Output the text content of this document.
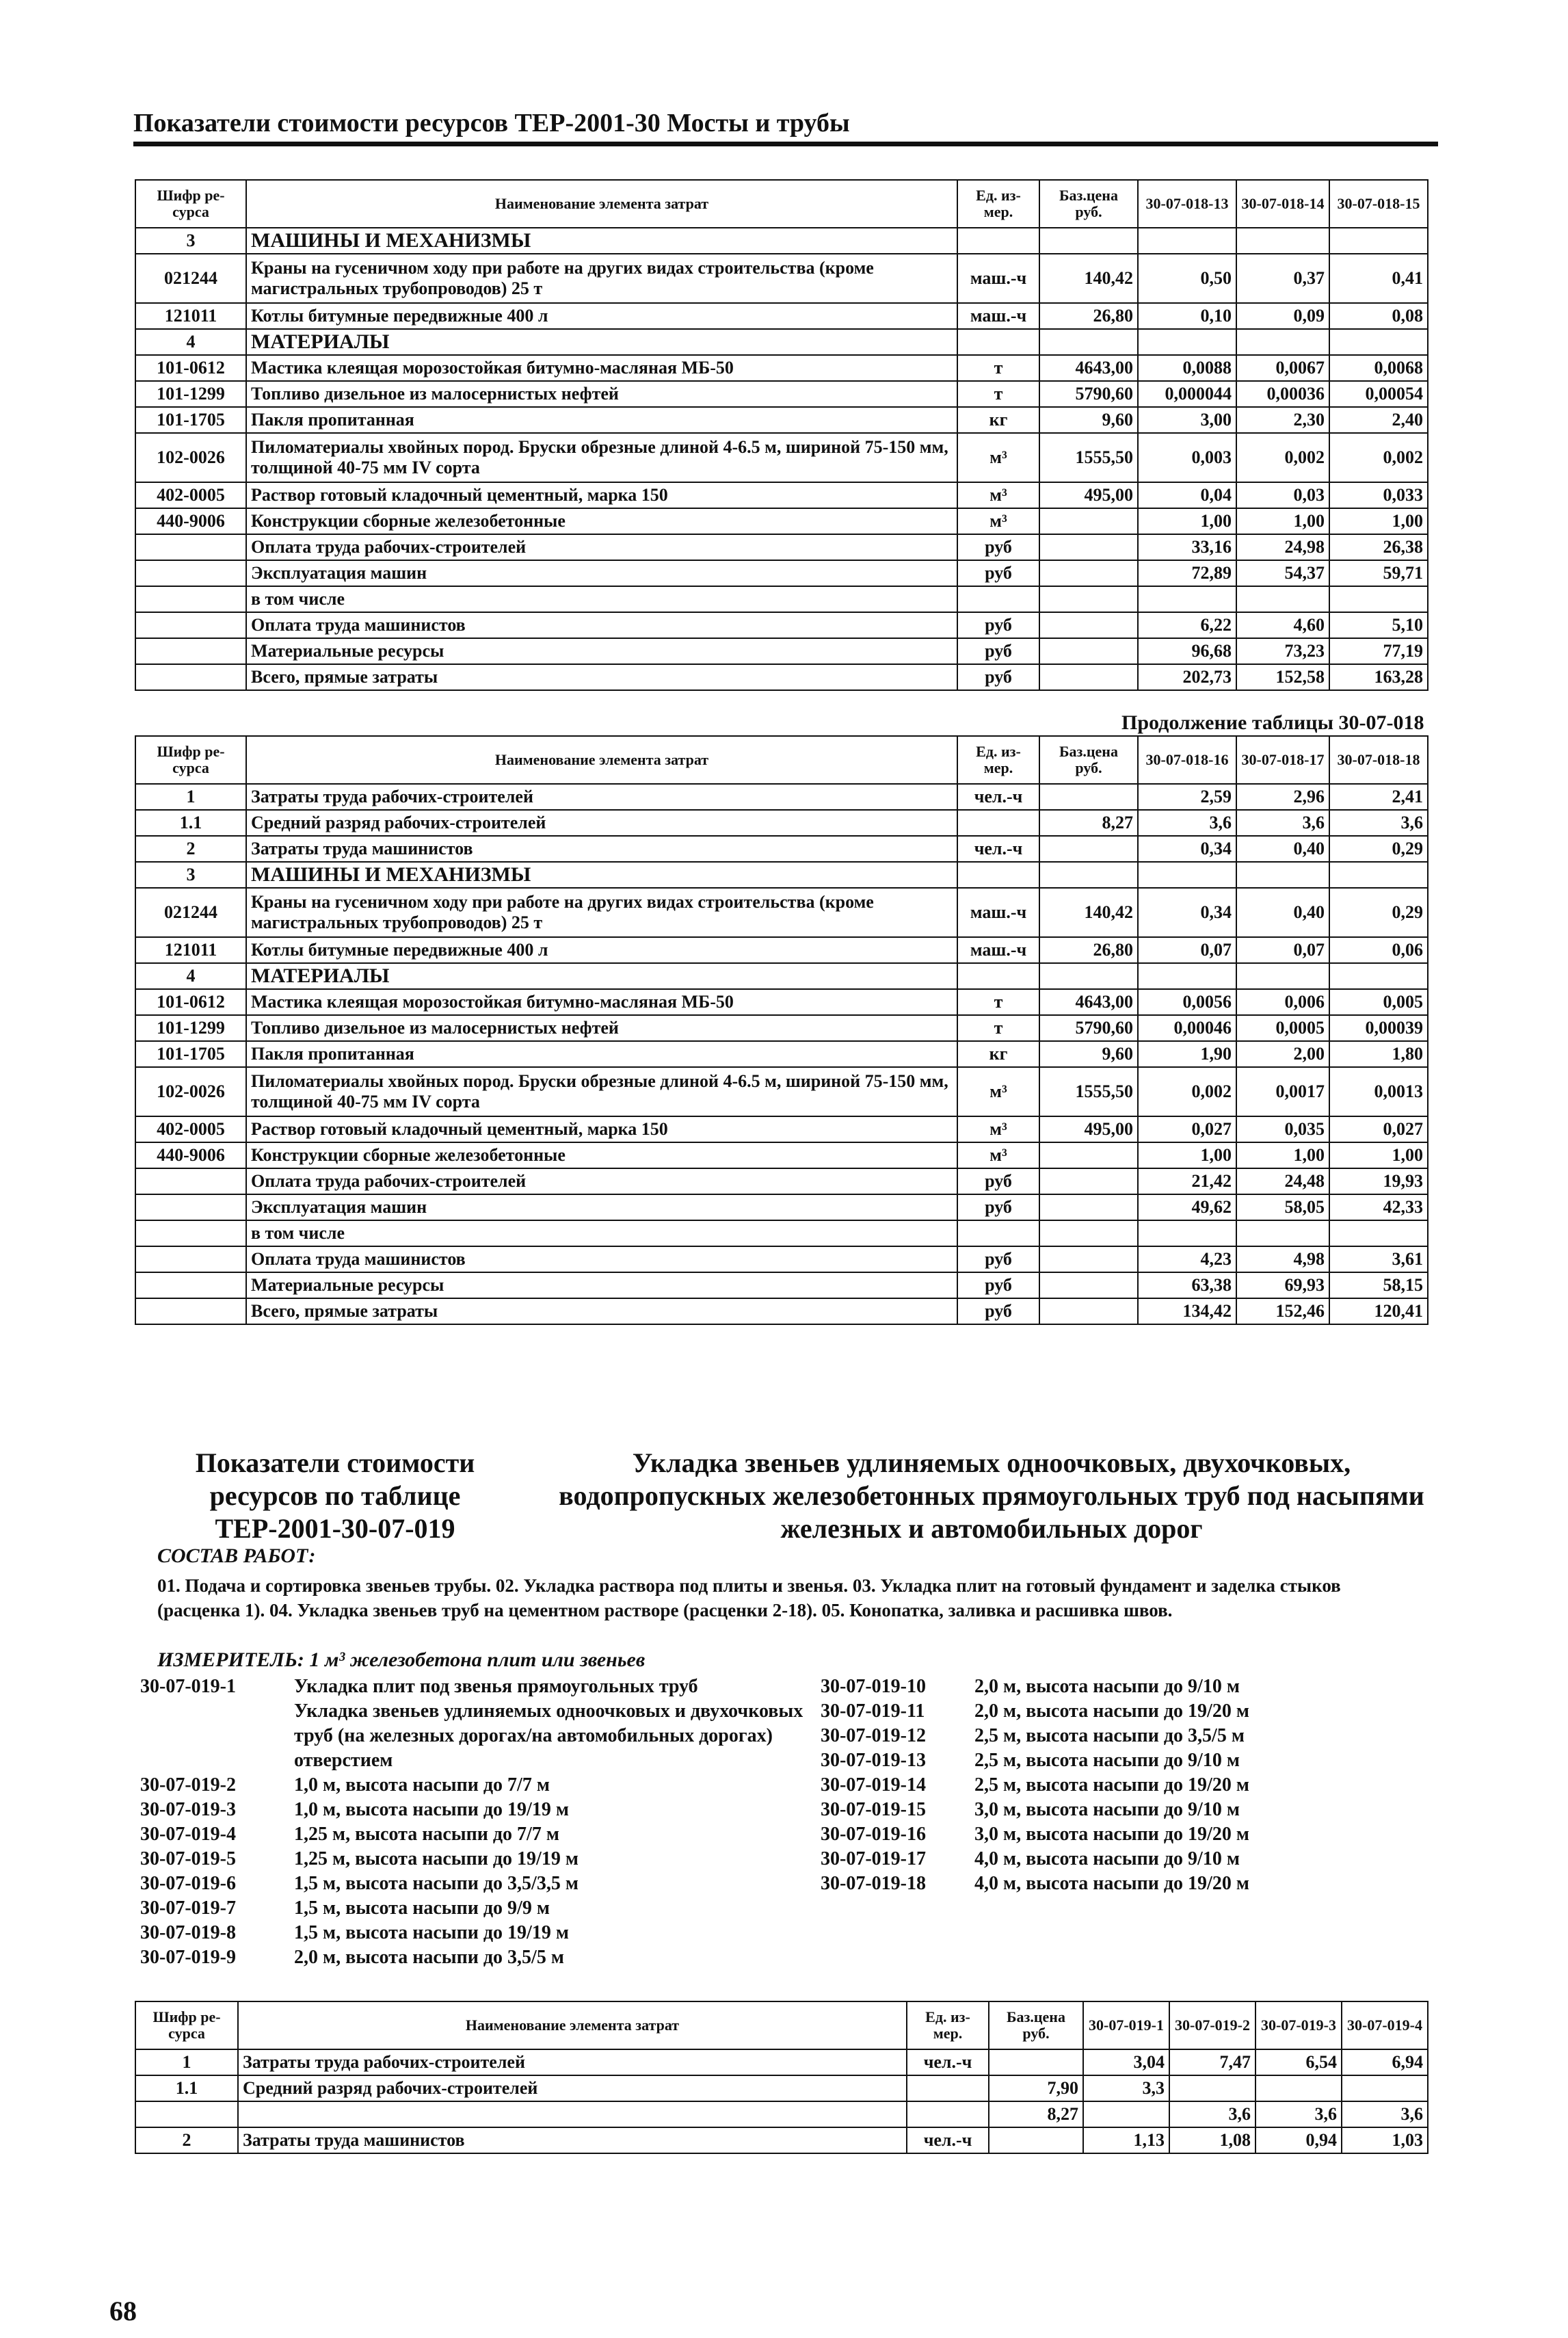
Показатели стоимости ресурсов ТЕР-2001-30 Мосты и трубы
Шифр ре-сурса	Наименование элемента затрат	Ед. из-мер.	Баз.цена руб.	30-07-018-13	30-07-018-14	30-07-018-15
3	МАШИНЫ И МЕХАНИЗМЫ					
021244	Краны на гусеничном ходу при работе на других видах строительства (кроме магистральных трубопроводов) 25 т	маш.-ч	140,42	0,50	0,37	0,41
121011	Котлы битумные передвижные 400 л	маш.-ч	26,80	0,10	0,09	0,08
4	МАТЕРИАЛЫ					
101-0612	Мастика клеящая морозостойкая битумно-масляная МБ-50	т	4643,00	0,0088	0,0067	0,0068
101-1299	Топливо дизельное из малосернистых нефтей	т	5790,60	0,000044	0,00036	0,00054
101-1705	Пакля пропитанная	кг	9,60	3,00	2,30	2,40
102-0026	Пиломатериалы хвойных пород. Бруски обрезные длиной 4-6.5 м, шириной 75-150 мм, толщиной 40-75 мм IV сорта	м³	1555,50	0,003	0,002	0,002
402-0005	Раствор готовый кладочный цементный, марка 150	м³	495,00	0,04	0,03	0,033
440-9006	Конструкции сборные железобетонные	м³		1,00	1,00	1,00
	Оплата труда рабочих-строителей	руб		33,16	24,98	26,38
	Эксплуатация машин	руб		72,89	54,37	59,71
	в том числе					
	Оплата труда машинистов	руб		6,22	4,60	5,10
	Материальные ресурсы	руб		96,68	73,23	77,19
	Всего, прямые затраты	руб		202,73	152,58	163,28
Продолжение таблицы 30-07-018
Шифр ре-сурса	Наименование элемента затрат	Ед. из-мер.	Баз.цена руб.	30-07-018-16	30-07-018-17	30-07-018-18
1	Затраты труда рабочих-строителей	чел.-ч		2,59	2,96	2,41
1.1	Средний разряд рабочих-строителей		8,27	3,6	3,6	3,6
2	Затраты труда машинистов	чел.-ч		0,34	0,40	0,29
3	МАШИНЫ И МЕХАНИЗМЫ					
021244	Краны на гусеничном ходу при работе на других видах строительства (кроме магистральных трубопроводов) 25 т	маш.-ч	140,42	0,34	0,40	0,29
121011	Котлы битумные передвижные 400 л	маш.-ч	26,80	0,07	0,07	0,06
4	МАТЕРИАЛЫ					
101-0612	Мастика клеящая морозостойкая битумно-масляная МБ-50	т	4643,00	0,0056	0,006	0,005
101-1299	Топливо дизельное из малосернистых нефтей	т	5790,60	0,00046	0,0005	0,00039
101-1705	Пакля пропитанная	кг	9,60	1,90	2,00	1,80
102-0026	Пиломатериалы хвойных пород. Бруски обрезные длиной 4-6.5 м, шириной 75-150 мм, толщиной 40-75 мм IV сорта	м³	1555,50	0,002	0,0017	0,0013
402-0005	Раствор готовый кладочный цементный, марка 150	м³	495,00	0,027	0,035	0,027
440-9006	Конструкции сборные железобетонные	м³		1,00	1,00	1,00
	Оплата труда рабочих-строителей	руб		21,42	24,48	19,93
	Эксплуатация машин	руб		49,62	58,05	42,33
	в том числе					
	Оплата труда машинистов	руб		4,23	4,98	3,61
	Материальные ресурсы	руб		63,38	69,93	58,15
	Всего, прямые затраты	руб		134,42	152,46	120,41
Показатели стоимости ресурсов по таблице ТЕР-2001-30-07-019
Укладка звеньев удлиняемых одноочковых, двухочковых, водопропускных железобетонных прямоугольных труб под насыпями железных и автомобильных дорог
СОСТАВ РАБОТ:
01. Подача и сортировка звеньев трубы. 02. Укладка раствора под плиты и звенья. 03. Укладка плит на готовый фундамент и заделка стыков (расценка 1). 04. Укладка звеньев труб на цементном растворе (расценки 2-18). 05. Конопатка, заливка и расшивка швов.
ИЗМЕРИТЕЛЬ: 1 м³ железобетона плит или звеньев
30-07-019-1	Укладка плит под звенья прямоугольных труб
Укладка звеньев удлиняемых одноочковых и двухочковых труб (на железных дорогах/на автомобильных дорогах) отверстием
30-07-019-2	1,0 м, высота насыпи до 7/7 м
30-07-019-3	1,0 м, высота насыпи до 19/19 м
30-07-019-4	1,25 м, высота насыпи до 7/7 м
30-07-019-5	1,25 м, высота насыпи до 19/19 м
30-07-019-6	1,5 м, высота насыпи до 3,5/3,5 м
30-07-019-7	1,5 м, высота насыпи до 9/9 м
30-07-019-8	1,5 м, высота насыпи до 19/19 м
30-07-019-9	2,0 м, высота насыпи до 3,5/5 м
30-07-019-10	2,0 м, высота насыпи до 9/10 м
30-07-019-11	2,0 м, высота насыпи до 19/20 м
30-07-019-12	2,5 м, высота насыпи до 3,5/5 м
30-07-019-13	2,5 м, высота насыпи до 9/10 м
30-07-019-14	2,5 м, высота насыпи до 19/20 м
30-07-019-15	3,0 м, высота насыпи до 9/10 м
30-07-019-16	3,0 м, высота насыпи до 19/20 м
30-07-019-17	4,0 м, высота насыпи до 9/10 м
30-07-019-18	4,0 м, высота насыпи до 19/20 м
Шифр ре-сурса	Наименование элемента затрат	Ед. из-мер.	Баз.цена руб.	30-07-019-1	30-07-019-2	30-07-019-3	30-07-019-4
1	Затраты труда рабочих-строителей	чел.-ч		3,04	7,47	6,54	6,94
1.1	Средний разряд рабочих-строителей		7,90	3,3			
			8,27		3,6	3,6	3,6
2	Затраты труда машинистов	чел.-ч		1,13	1,08	0,94	1,03
68
